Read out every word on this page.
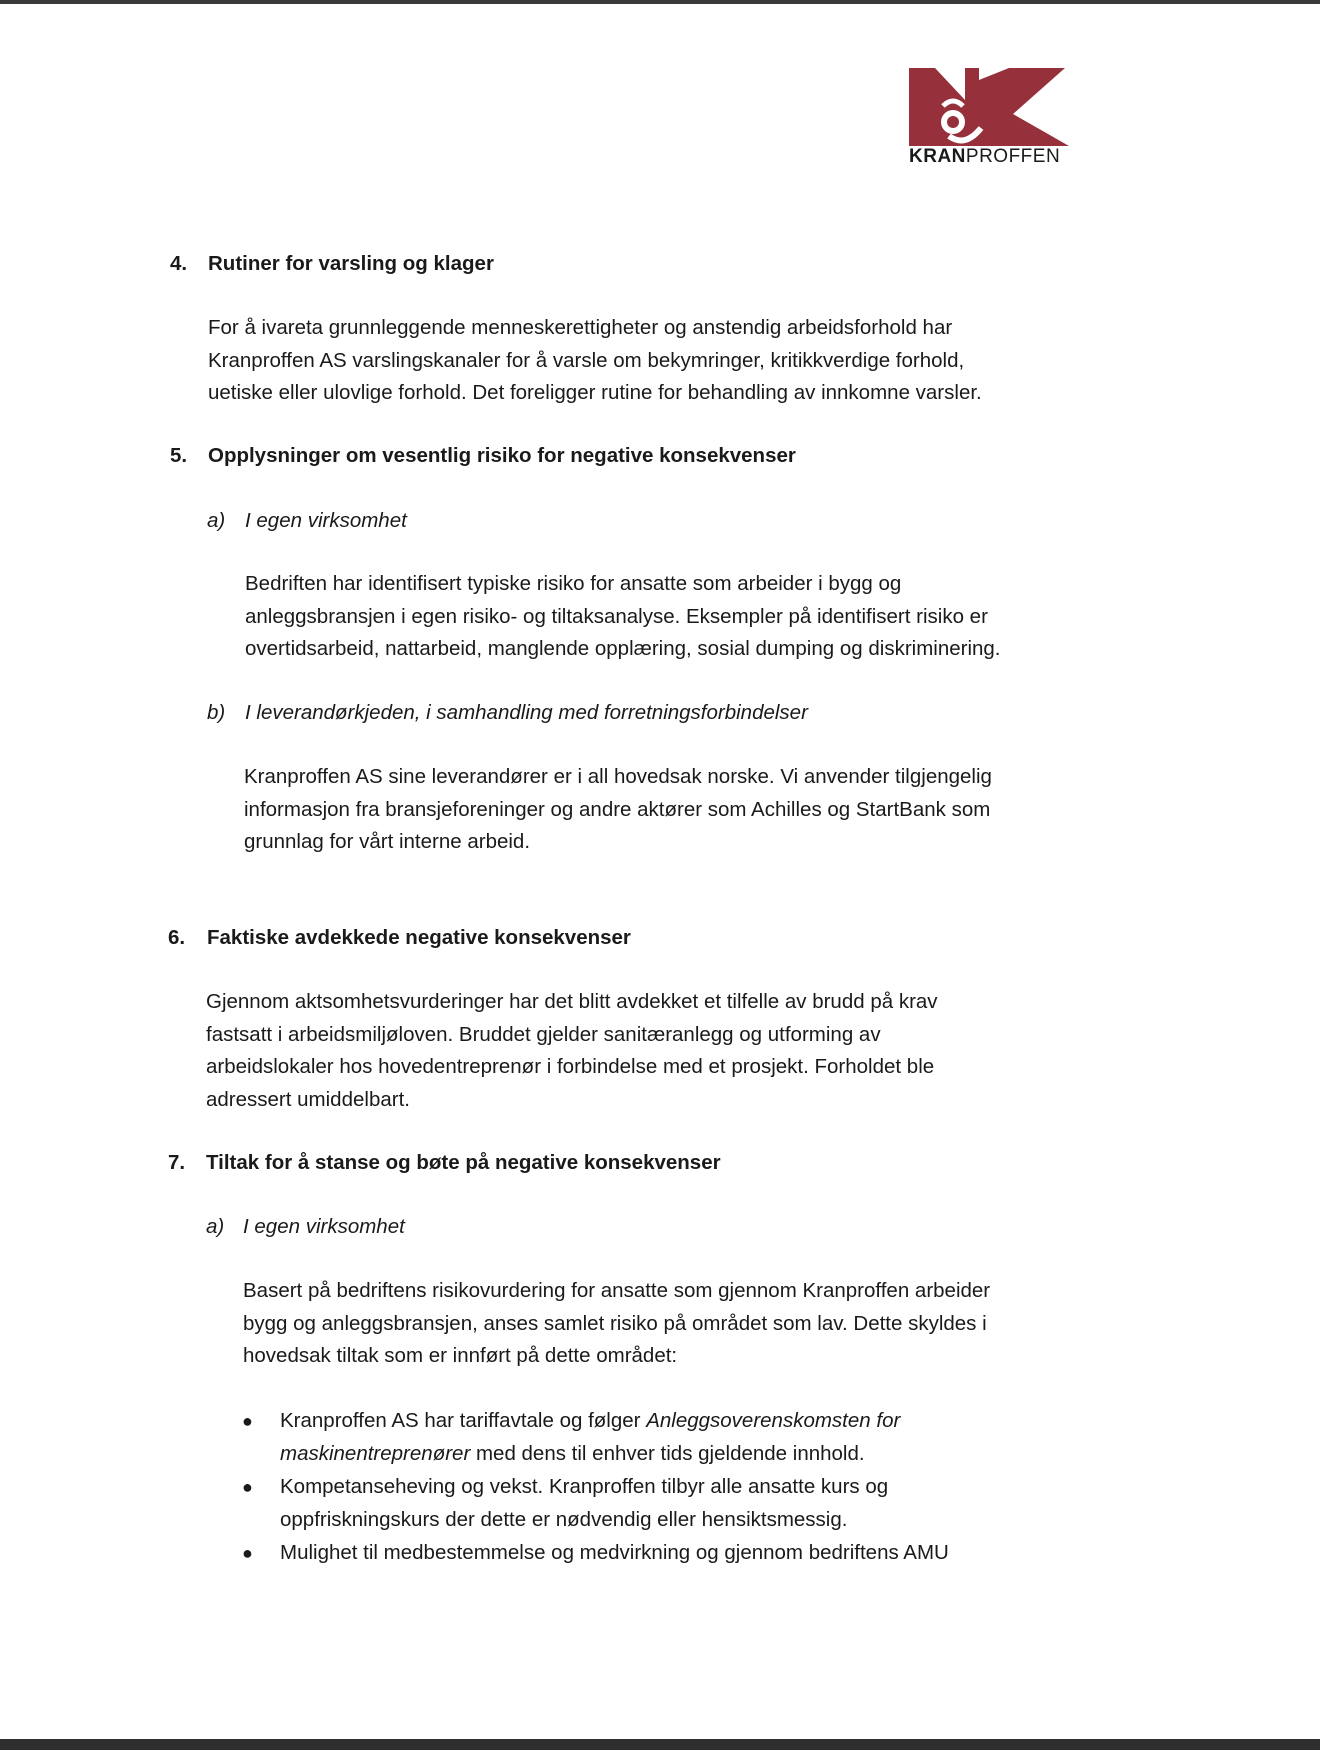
KRANPROFFEN
4. Rutiner for varsling og klager
For å ivareta grunnleggende menneskerettigheter og anstendig arbeidsforhold har
Kranproffen AS varslingskanaler for å varsle om bekymringer, kritikkverdige forhold,
uetiske eller ulovlige forhold. Det foreligger rutine for behandling av innkomne varsler.
5. Opplysninger om vesentlig risiko for negative konsekvenser
a) I egen virksomhet
Bedriften har identifisert typiske risiko for ansatte som arbeider i bygg og
anleggsbransjen i egen risiko- og tiltaksanalyse. Eksempler på identifisert risiko er
overtidsarbeid, nattarbeid, manglende opplæring, sosial dumping og diskriminering.
b) I leverandørkjeden, i samhandling med forretningsforbindelser
Kranproffen AS sine leverandører er i all hovedsak norske. Vi anvender tilgjengelig
informasjon fra bransjeforeninger og andre aktører som Achilles og StartBank som
grunnlag for vårt interne arbeid.
6. Faktiske avdekkede negative konsekvenser
Gjennom aktsomhetsvurderinger har det blitt avdekket et tilfelle av brudd på krav
fastsatt i arbeidsmiljøloven. Bruddet gjelder sanitæranlegg og utforming av
arbeidslokaler hos hovedentreprenør i forbindelse med et prosjekt. Forholdet ble
adressert umiddelbart.
7. Tiltak for å stanse og bøte på negative konsekvenser
a) I egen virksomhet
Basert på bedriftens risikovurdering for ansatte som gjennom Kranproffen arbeider
bygg og anleggsbransjen, anses samlet risiko på området som lav. Dette skyldes i
hovedsak tiltak som er innført på dette området:
● Kranproffen AS har tariffavtale og følger Anleggsoverenskomsten for
maskinentreprenører med dens til enhver tids gjeldende innhold.
● Kompetanseheving og vekst. Kranproffen tilbyr alle ansatte kurs og
oppfriskningskurs der dette er nødvendig eller hensiktsmessig.
● Mulighet til medbestemmelse og medvirkning og gjennom bedriftens AMU
